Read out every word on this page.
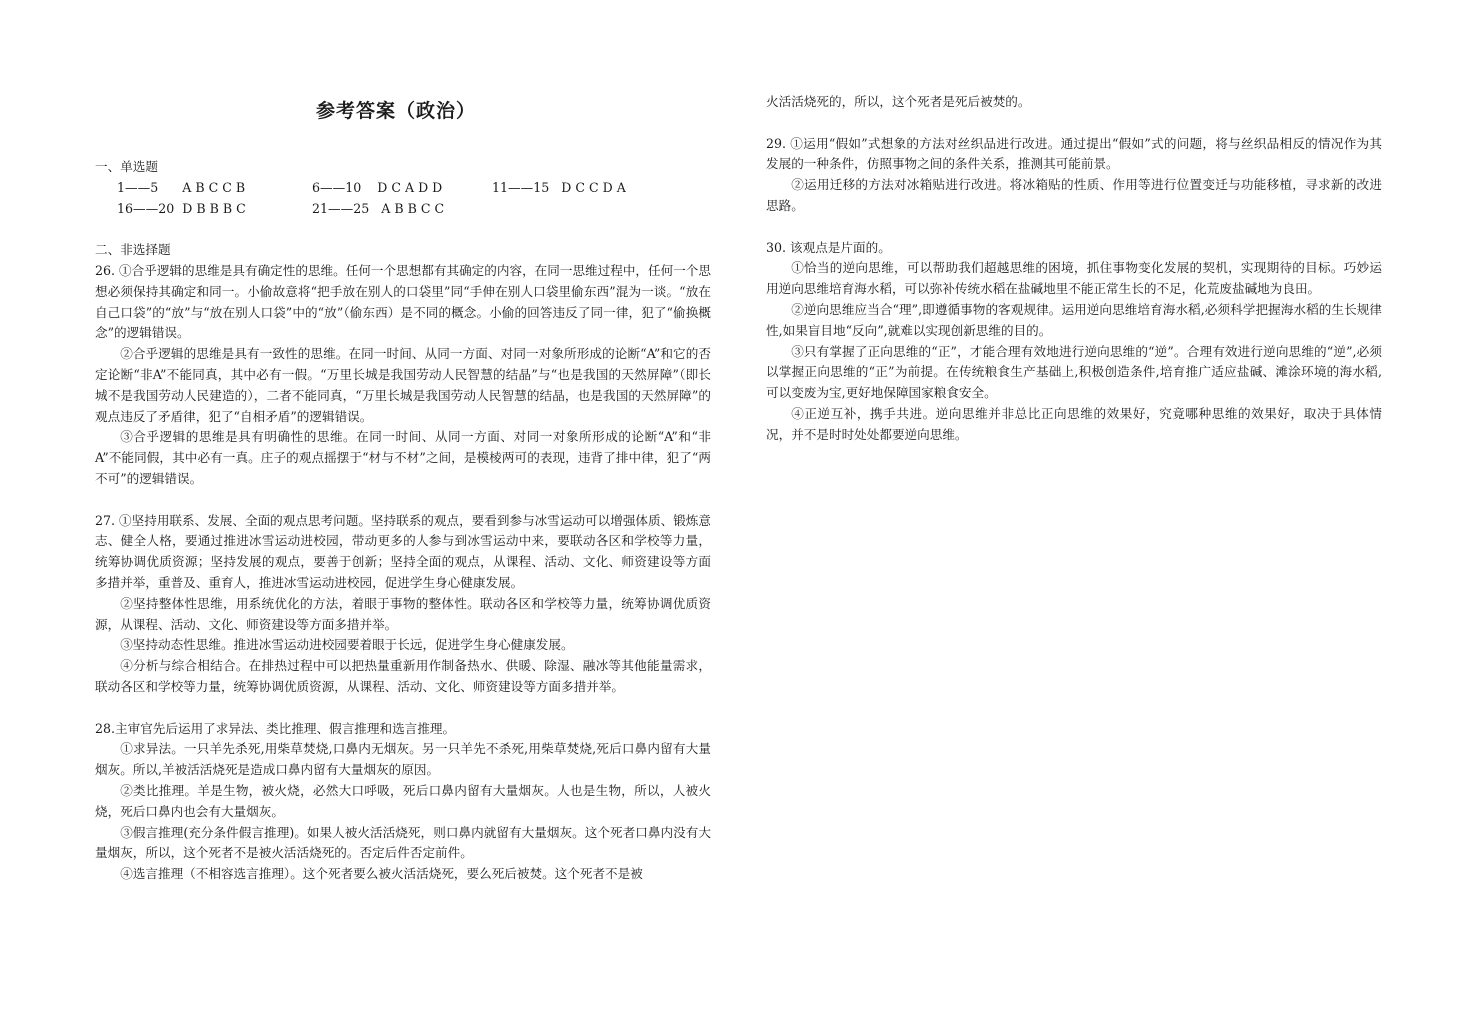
参考答案（政治）
一、单选题
1——5      A B C C B	6——10    D C A D D	11——15   D C C D A
16——20  D B B B C	21——25   A B B C C
二、非选择题

26. ①合乎逻辑的思维是具有确定性的思维。任何一个思想都有其确定的内容，在同一思维过程中，任何一个思想必须保持其确定和同一。小偷故意将“把手放在别人的口袋里”同“手伸在别人口袋里偷东西”混为一谈。“放在自己口袋”的“放”与“放在别人口袋”中的“放”（偷东西）是不同的概念。小偷的回答违反了同一律，犯了“偷换概念”的逻辑错误。

②合乎逻辑的思维是具有一致性的思维。在同一时间、从同一方面、对同一对象所形成的论断“A”和它的否定论断“非A”不能同真，其中必有一假。“万里长城是我国劳动人民智慧的结晶”与“也是我国的天然屏障”（即长城不是我国劳动人民建造的），二者不能同真，“万里长城是我国劳动人民智慧的结晶，也是我国的天然屏障”的观点违反了矛盾律，犯了“自相矛盾”的逻辑错误。

③合乎逻辑的思维是具有明确性的思维。在同一时间、从同一方面、对同一对象所形成的论断“A”和“非A”不能同假，其中必有一真。庄子的观点摇摆于“材与不材”之间，是模棱两可的表现，违背了排中律，犯了“两不可”的逻辑错误。

27. ①坚持用联系、发展、全面的观点思考问题。坚持联系的观点，要看到参与冰雪运动可以增强体质、锻炼意志、健全人格，要通过推进冰雪运动进校园，带动更多的人参与到冰雪运动中来，要联动各区和学校等力量，统筹协调优质资源；坚持发展的观点，要善于创新；坚持全面的观点，从课程、活动、文化、师资建设等方面多措并举，重普及、重育人，推进冰雪运动进校园，促进学生身心健康发展。

②坚持整体性思维，用系统优化的方法，着眼于事物的整体性。联动各区和学校等力量，统筹协调优质资源，从课程、活动、文化、师资建设等方面多措并举。

③坚持动态性思维。推进冰雪运动进校园要着眼于长远，促进学生身心健康发展。

④分析与综合相结合。在排热过程中可以把热量重新用作制备热水、供暖、除湿、融冰等其他能量需求，联动各区和学校等力量，统筹协调优质资源，从课程、活动、文化、师资建设等方面多措并举。

28.主审官先后运用了求异法、类比推理、假言推理和选言推理。

①求异法。一只羊先杀死,用柴草焚烧,口鼻内无烟灰。另一只羊先不杀死,用柴草焚烧,死后口鼻内留有大量烟灰。所以,羊被活活烧死是造成口鼻内留有大量烟灰的原因。

②类比推理。羊是生物，被火烧，必然大口呼吸，死后口鼻内留有大量烟灰。人也是生物，所以，人被火烧，死后口鼻内也会有大量烟灰。

③假言推理(充分条件假言推理)。如果人被火活活烧死，则口鼻内就留有大量烟灰。这个死者口鼻内没有大量烟灰，所以，这个死者不是被火活活烧死的。否定后件否定前件。

④选言推理（不相容选言推理）。这个死者要么被火活活烧死，要么死后被焚。这个死者不是被

火活活烧死的，所以，这个死者是死后被焚的。

29. ①运用“假如”式想象的方法对丝织品进行改进。通过提出“假如”式的问题，将与丝织品相反的情况作为其发展的一种条件，仿照事物之间的条件关系，推测其可能前景。

②运用迁移的方法对冰箱贴进行改进。将冰箱贴的性质、作用等进行位置变迁与功能移植，寻求新的改进思路。

30. 该观点是片面的。

①恰当的逆向思维，可以帮助我们超越思维的困境，抓住事物变化发展的契机，实现期待的目标。巧妙运用逆向思维培育海水稻，可以弥补传统水稻在盐碱地里不能正常生长的不足，化荒废盐碱地为良田。

②逆向思维应当合“理”,即遵循事物的客观规律。运用逆向思维培育海水稻,必须科学把握海水稻的生长规律性,如果盲目地“反向”,就难以实现创新思维的目的。

③只有掌握了正向思维的“正”，才能合理有效地进行逆向思维的“逆”。合理有效进行逆向思维的“逆”,必须以掌握正向思维的“正”为前提。在传统粮食生产基础上,积极创造条件,培育推广适应盐碱、滩涂环境的海水稻,可以变废为宝,更好地保障国家粮食安全。

④正逆互补，携手共进。逆向思维并非总比正向思维的效果好，究竟哪种思维的效果好，取决于具体情况，并不是时时处处都要逆向思维。
